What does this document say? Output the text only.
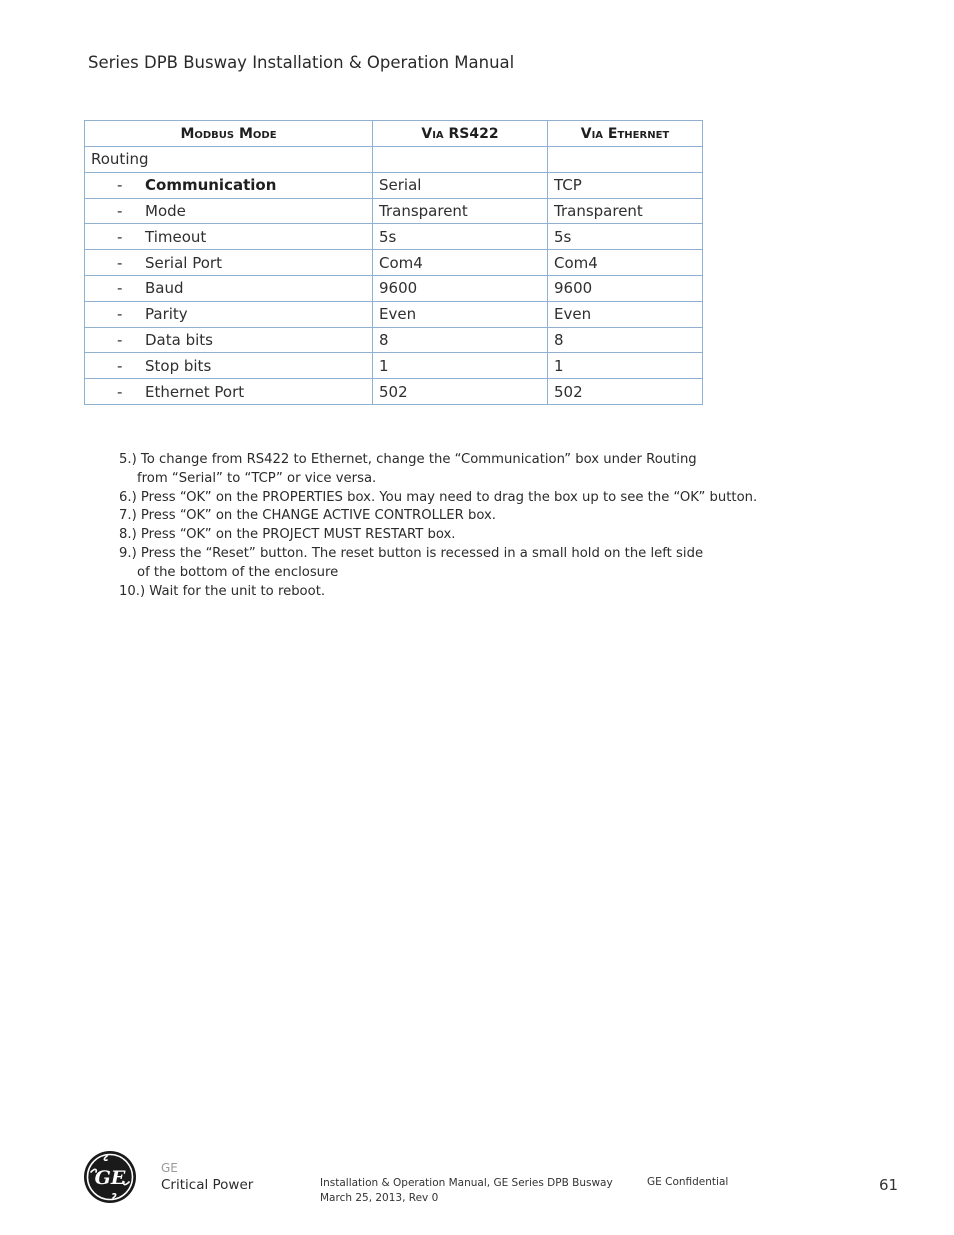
Series DPB Busway Installation & Operation Manual
Modbus Mode	Via RS422	Via Ethernet
Routing		
- Communication	Serial	TCP
- Mode	Transparent	Transparent
- Timeout	5s	5s
- Serial Port	Com4	Com4
- Baud	9600	9600
- Parity	Even	Even
- Data bits	8	8
- Stop bits	1	1
- Ethernet Port	502	502

5.) To change from RS422 to Ethernet, change the “Communication” box under Routing
from “Serial” to “TCP” or vice versa.

6.) Press “OK” on the PROPERTIES box. You may need to drag the box up to see the “OK” button.

7.) Press “OK” on the CHANGE ACTIVE CONTROLLER box.

8.) Press “OK” on the PROJECT MUST RESTART box.

9.) Press the “Reset” button. The reset button is recessed in a small hold on the left side
of the bottom of the enclosure

10.) Wait for the unit to reboot.

GE	GE
Critical Power	Installation & Operation Manual, GE Series DPB Busway
March 25, 2013, Rev 0
GE Confidential	61
